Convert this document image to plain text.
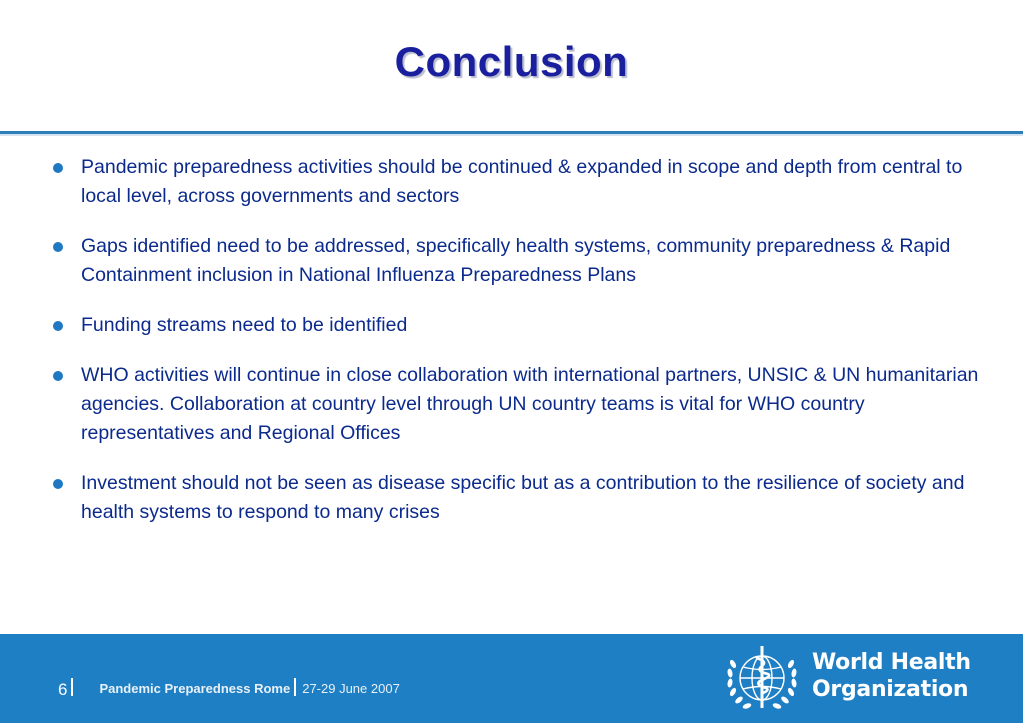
Conclusion
Pandemic preparedness activities should be continued & expanded in scope and depth from central to local level, across governments and sectors
Gaps identified need to be addressed, specifically health systems, community preparedness & Rapid Containment inclusion in National Influenza Preparedness Plans
Funding streams need to be identified
WHO activities will continue in close collaboration with international partners, UNSIC & UN humanitarian agencies. Collaboration at country level through UN country teams is vital for WHO country representatives and Regional Offices
Investment should not be seen as disease specific but as a contribution to the resilience of society and health systems to respond to many crises
6 Pandemic Preparedness Rome 27-29 June 2007
World Health
Organization
